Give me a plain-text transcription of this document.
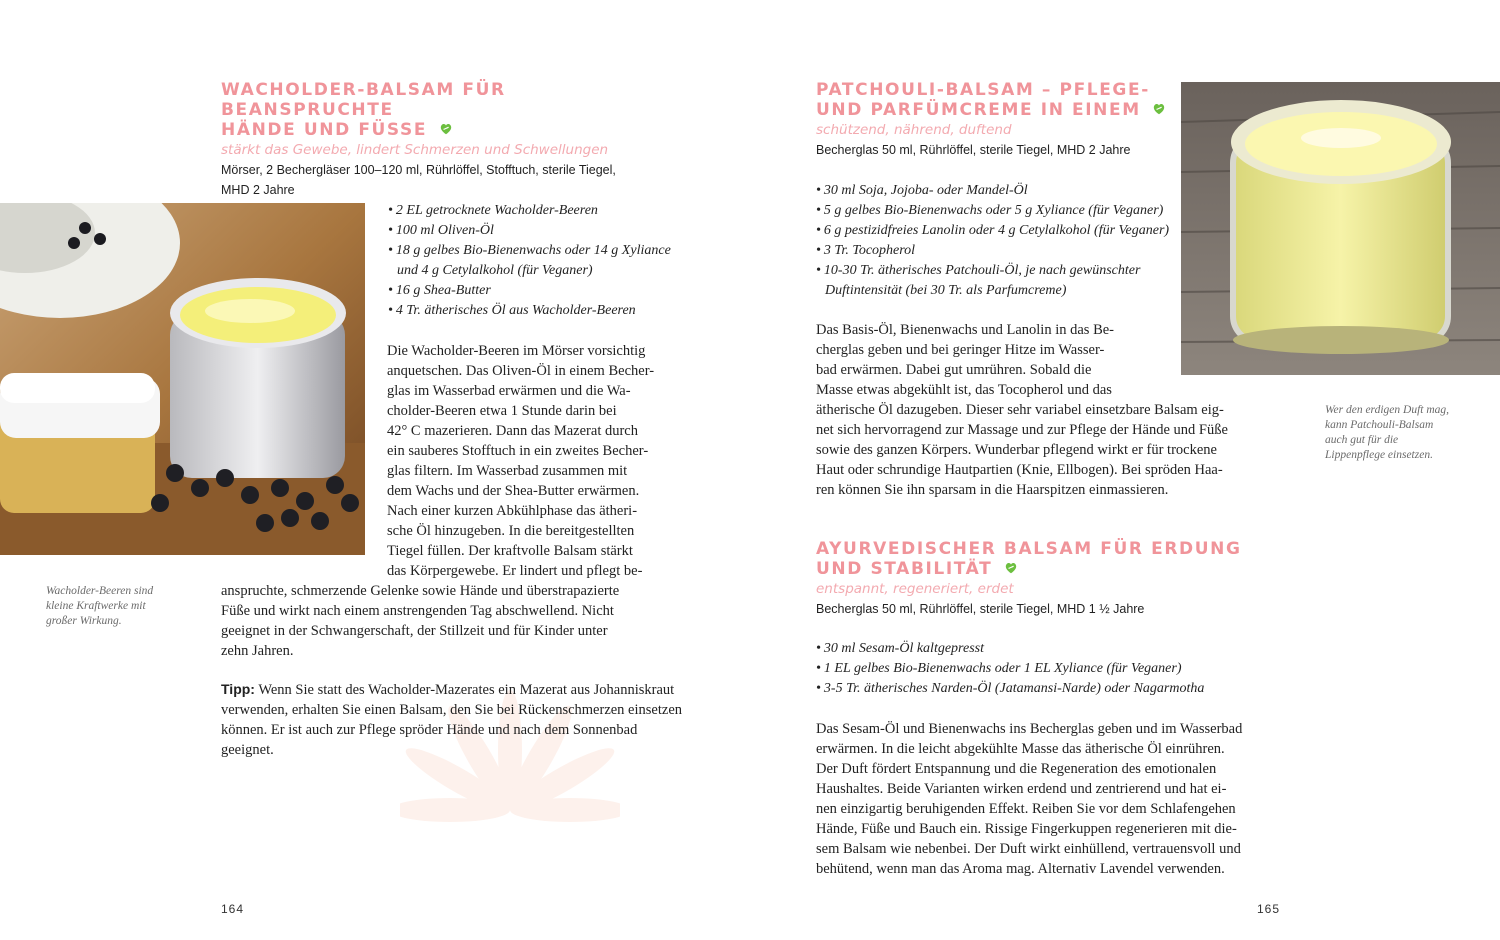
WACHOLDER-BALSAM FÜR BEANSPRUCHTE
HÄNDE UND FÜSSE

stärkt das Gewebe, lindert Schmerzen und Schwellungen

Mörser, 2 Bechergläser 100–120 ml, Rührlöffel, Stofftuch, sterile Tiegel,
MHD 2 Jahre

• 2 EL getrocknete Wacholder-Beeren
• 100 ml Oliven-Öl
• 18 g gelbes Bio-Bienenwachs oder 14 g Xyliance und 4 g Cetylalkohol (für Veganer)
• 16 g Shea-Butter
• 4 Tr. ätherisches Öl aus Wacholder-Beeren

Die Wacholder-Beeren im Mörser vorsichtig
anquetschen. Das Oliven-Öl in einem Becher-
glas im Wasserbad erwärmen und die Wa-
cholder-Beeren etwa 1 Stunde darin bei
42° C mazerieren. Dann das Mazerat durch
ein sauberes Stofftuch in ein zweites Becher-
glas filtern. Im Wasserbad zusammen mit
dem Wachs und der Shea-Butter erwärmen.
Nach einer kurzen Abkühlphase das ätheri-
sche Öl hinzugeben. In die bereitgestellten
Tiegel füllen. Der kraftvolle Balsam stärkt
das Körpergewebe. Er lindert und pflegt be-

anspruchte, schmerzende Gelenke sowie Hände und überstrapazierte
Füße und wirkt nach einem anstrengenden Tag abschwellend. Nicht
geeignet in der Schwangerschaft, der Stillzeit und für Kinder unter
zehn Jahren.

Tipp: Wenn Sie statt des Wacholder-Mazerates ein Mazerat aus Johanniskraut verwenden, erhalten Sie einen Balsam, den Sie bei Rückenschmerzen einsetzen können. Er ist auch zur Pflege spröder Hände und nach dem Sonnenbad geeignet.

Wacholder-Beeren sind kleine Kraftwerke mit großer Wirkung.

164
PATCHOULI-BALSAM – PFLEGE-
UND PARFÜMCREME IN EINEM

schützend, nährend, duftend

Becherglas 50 ml, Rührlöffel, sterile Tiegel, MHD 2 Jahre

• 30 ml Soja, Jojoba- oder Mandel-Öl
• 5 g gelbes Bio-Bienenwachs oder 5 g Xyliance (für Veganer)
• 6 g pestizidfreies Lanolin oder 4 g Cetylalkohol (für Veganer)
• 3 Tr. Tocopherol
• 10-30 Tr. ätherisches Patchouli-Öl, je nach gewünschter Duftintensität (bei 30 Tr. als Parfumcreme)

Das Basis-Öl, Bienenwachs und Lanolin in das Be-
cherglas geben und bei geringer Hitze im Wasser-
bad erwärmen. Dabei gut umrühren. Sobald die
Masse etwas abgekühlt ist, das Tocopherol und das

ätherische Öl dazugeben. Dieser sehr variabel einsetzbare Balsam eig-
net sich hervorragend zur Massage und zur Pflege der Hände und Füße
sowie des ganzen Körpers. Wunderbar pflegend wirkt er für trockene
Haut oder schrundige Hautpartien (Knie, Ellbogen). Bei spröden Haa-
ren können Sie ihn sparsam in die Haarspitzen einmassieren.

Wer den erdigen Duft mag, kann Patchouli-Balsam auch gut für die Lippenpflege einsetzen.

AYURVEDISCHER BALSAM FÜR ERDUNG
UND STABILITÄT

entspannt, regeneriert, erdet

Becherglas 50 ml, Rührlöffel, sterile Tiegel, MHD 1 ½ Jahre

• 30 ml Sesam-Öl kaltgepresst
• 1 EL gelbes Bio-Bienenwachs oder 1 EL Xyliance (für Veganer)
• 3-5 Tr. ätherisches Narden-Öl (Jatamansi-Narde) oder Nagarmotha

Das Sesam-Öl und Bienenwachs ins Becherglas geben und im Wasserbad
erwärmen. In die leicht abgekühlte Masse das ätherische Öl einrühren.
Der Duft fördert Entspannung und die Regeneration des emotionalen
Haushaltes. Beide Varianten wirken erdend und zentrierend und hat ei-
nen einzigartig beruhigenden Effekt. Reiben Sie vor dem Schlafengehen
Hände, Füße und Bauch ein. Rissige Fingerkuppen regenerieren mit die-
sem Balsam wie nebenbei. Der Duft wirkt einhüllend, vertrauensvoll und
behütend, wenn man das Aroma mag. Alternativ Lavendel verwenden.

165
